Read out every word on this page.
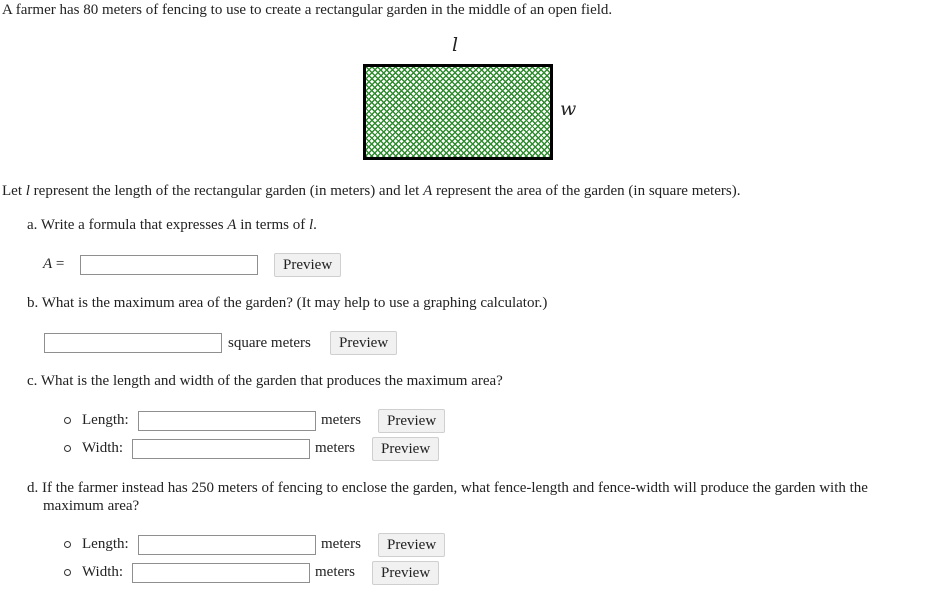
A farmer has 80 meters of fencing to use to create a rectangular garden in the middle of an open field.
l
w
Let l represent the length of the rectangular garden (in meters) and let A represent the area of the garden (in square meters).
a. Write a formula that expresses A in terms of l.
A =	Preview
b. What is the maximum area of the garden? (It may help to use a graphing calculator.)
square meters	Preview
c. What is the length and width of the garden that produces the maximum area?
Length:	meters	Preview
Width:	meters	Preview
d. If the farmer instead has 250 meters of fencing to enclose the garden, what fence-length and fence-width will produce the garden with the
maximum area?
Length:	meters	Preview
Width:	meters	Preview
